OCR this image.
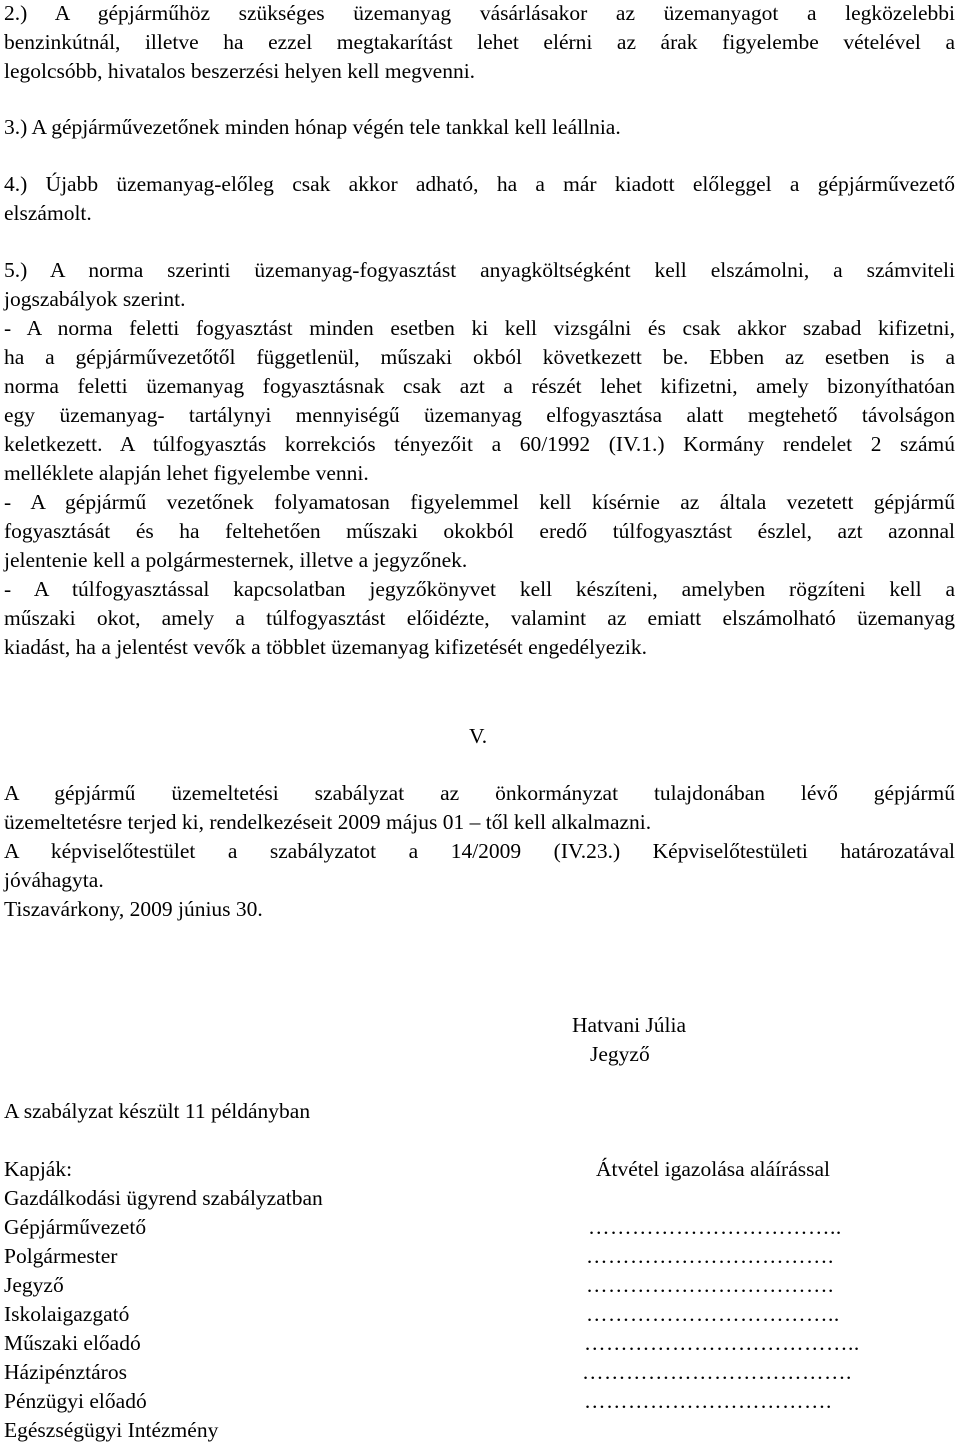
2.) A gépjárműhöz szükséges üzemanyag vásárlásakor az üzemanyagot a legközelebbi
benzinkútnál, illetve ha ezzel megtakarítást lehet elérni az árak figyelembe vételével a
legolcsóbb, hivatalos beszerzési helyen kell megvenni.
3.) A gépjárművezetőnek minden hónap végén tele tankkal kell leállnia.
4.) Újabb üzemanyag-előleg csak akkor adható, ha a már kiadott előleggel a gépjárművezető
elszámolt.
5.) A norma szerinti üzemanyag-fogyasztást anyagköltségként kell elszámolni, a számviteli
jogszabályok szerint.
- A norma feletti fogyasztást minden esetben ki kell vizsgálni és csak akkor szabad kifizetni,
ha a gépjárművezetőtől függetlenül, műszaki okból következett be. Ebben az esetben is a
norma feletti üzemanyag fogyasztásnak csak azt a részét lehet kifizetni, amely bizonyíthatóan
egy üzemanyag- tartálynyi mennyiségű üzemanyag elfogyasztása alatt megtehető távolságon
keletkezett. A túlfogyasztás korrekciós tényezőit a 60/1992 (IV.1.) Kormány rendelet 2 számú
melléklete alapján lehet figyelembe venni.
- A gépjármű vezetőnek folyamatosan figyelemmel kell kísérnie az általa vezetett gépjármű
fogyasztását és ha feltehetően műszaki okokból eredő túlfogyasztást észlel, azt azonnal
jelentenie kell a polgármesternek, illetve a jegyzőnek.
- A túlfogyasztással kapcsolatban jegyzőkönyvet kell készíteni, amelyben rögzíteni kell a
műszaki okot, amely a túlfogyasztást előidézte, valamint az emiatt elszámolható üzemanyag
kiadást, ha a jelentést vevők a többlet üzemanyag kifizetését engedélyezik.
V.
A gépjármű üzemeltetési szabályzat az önkormányzat tulajdonában lévő gépjármű
üzemeltetésre terjed ki, rendelkezéseit 2009 május 01 – től kell alkalmazni.
A képviselőtestület a szabályzatot a 14/2009 (IV.23.) Képviselőtestületi határozatával
jóváhagyta.
Tiszavárkony, 2009 június 30.
Hatvani Júlia
Jegyző
A szabályzat készült 11 példányban
Kapják:	Átvétel igazolása aláírással
Gazdálkodási ügyrend szabályzatban
Gépjárművezető
Polgármester
Jegyző
Iskolaigazgató
Műszaki előadó
Házipénztáros
Pénzügyi előadó
Egészségügyi Intézmény
……………………………..
…………………………….
…………………………….
……………………………..
………………………………..
……………………………….
…………………………….
